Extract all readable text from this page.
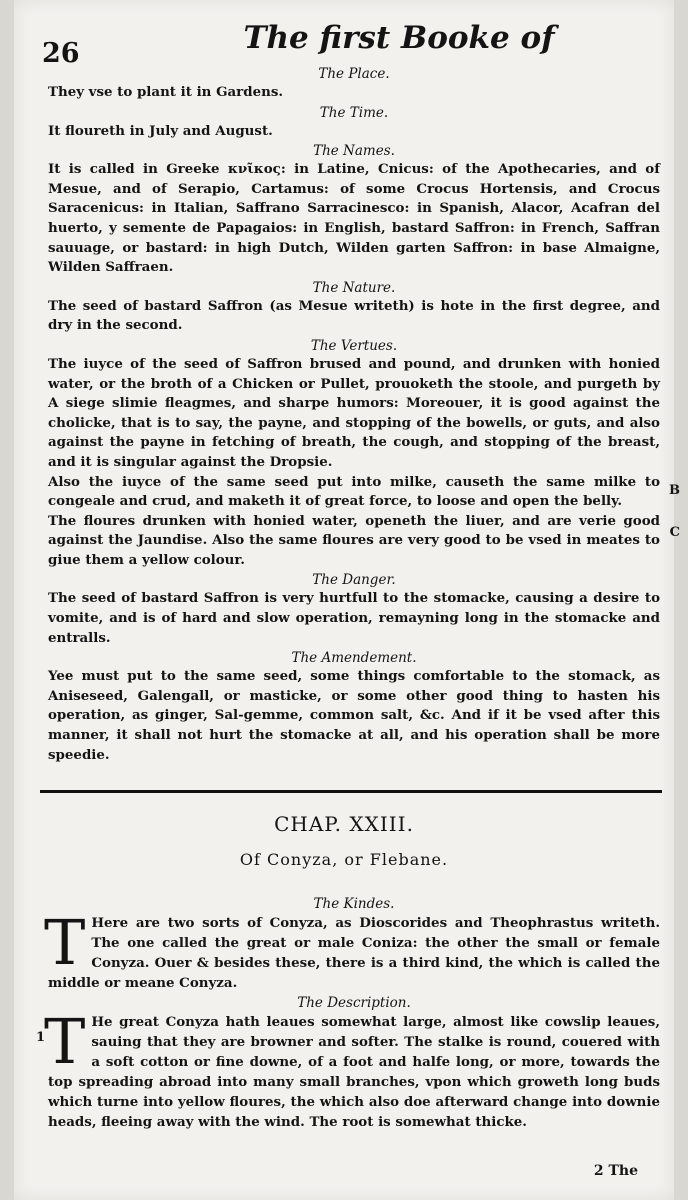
26	The first Booke of
The Place.

They vse to plant it in Gardens.

The Time.

It floureth in July and August.

The Names.

It is called in Greeke κνῖκος: in Latine, Cnicus: of the Apothecaries, and of Mesue, and of Serapio, Cartamus: of some Crocus Hortensis, and Crocus Saracenicus: in Italian, Saffrano Sarracinesco: in Spanish, Alacor, Acafran del huerto, y semente de Papagaios: in English, bastard Saffron: in French, Saffran sauuage, or bastard: in high Dutch, Wilden garten Saffron: in base Almaigne, Wilden Saffraen.

The Nature.

The seed of bastard Saffron (as Mesue writeth) is hote in the first degree, and dry in the second.

The Vertues.

The iuyce of the seed of Saffron brused and pound, and drunken with honied water, or the broth of a Chicken or Pullet, prouoketh the stoole, and purgeth by A siege slimie fleagmes, and sharpe humors: Moreouer, it is good against the cholicke, that is to say, the payne, and stopping of the bowells, or guts, and also against the payne in fetching of breath, the cough, and stopping of the breast, and it is singular against the Dropsie.

Also the iuyce of the same seed put into milke, causeth the same milke to congeale and crud, and maketh it of great force, to loose and open the belly.

The floures drunken with honied water, openeth the liuer, and are verie good against the Jaundise. Also the same floures are very good to be vsed in meates to giue them a yellow colour.

The Danger.

The seed of bastard Saffron is very hurtfull to the stomacke, causing a desire to vomite, and is of hard and slow operation, remayning long in the stomacke and entralls.

The Amendement.

Yee must put to the same seed, some things comfortable to the stomack, as Aniseseed, Galengall, or masticke, or some other good thing to hasten his operation, as ginger, Sal-gemme, common salt, &c. And if it be vsed after this manner, it shall not hurt the stomacke at all, and his operation shall be more speedie.

B
C
CHAP. XXIII.
Of Conyza, or Flebane.
The Kindes.

T Here are two sorts of Conyza, as Dioscorides and Theophrastus writeth. The one called the great or male Coniza: the other the small or female Conyza. Ouer & besides these, there is a third kind, the which is called the middle or meane Conyza.

The Description.

T He great Conyza hath leaues somewhat large, almost like cowslip leaues, sauing that they are browner and softer. The stalke is round, couered with a soft cotton or fine downe, of a foot and halfe long, or more, towards the top spreading abroad into many small branches, vpon which groweth long buds which turne into yellow floures, the which also doe afterward change into downie heads, fleeing away with the wind. The root is somewhat thicke.

1
2 The
